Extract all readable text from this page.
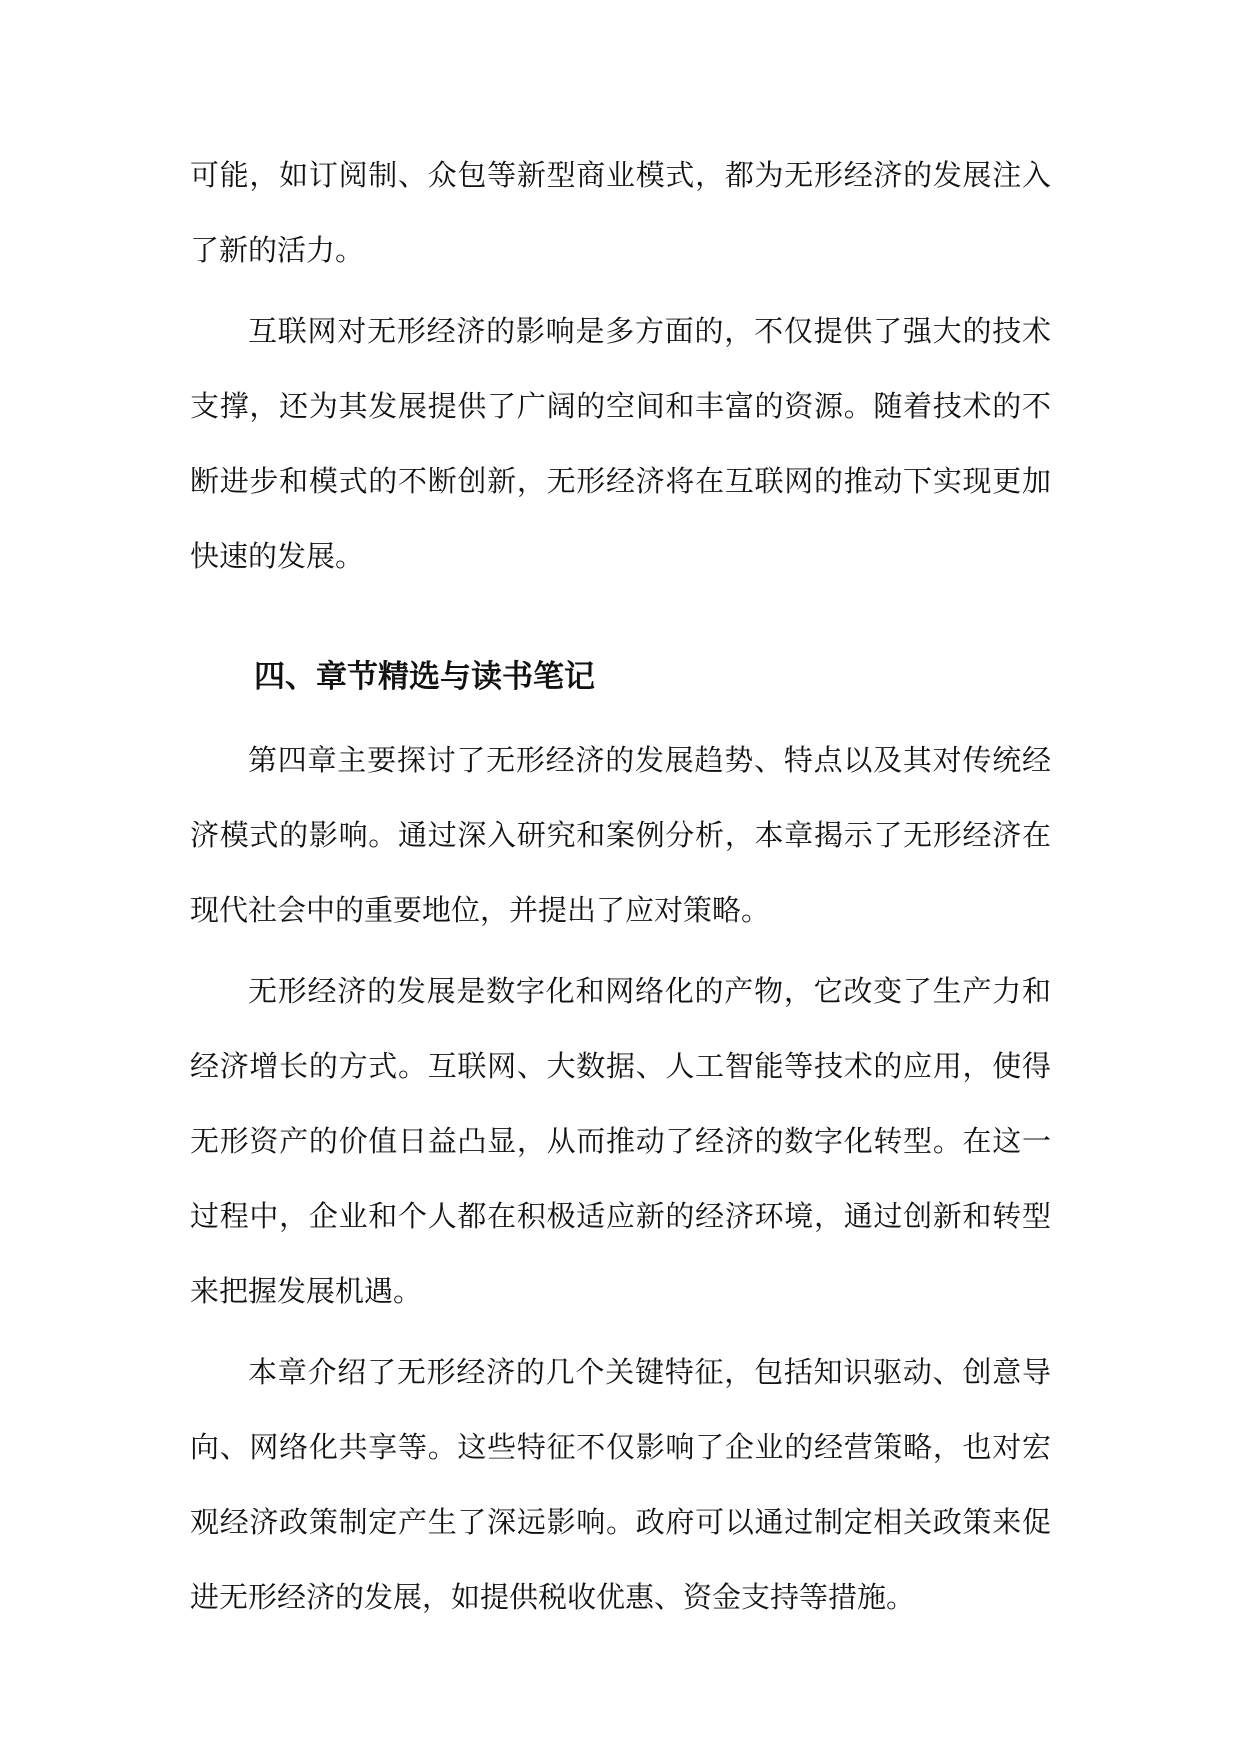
可能，如订阅制、众包等新型商业模式，都为无形经济的发展注入了新的活力。

互联网对无形经济的影响是多方面的，不仅提供了强大的技术支撑，还为其发展提供了广阔的空间和丰富的资源。随着技术的不断进步和模式的不断创新，无形经济将在互联网的推动下实现更加快速的发展。

四、章节精选与读书笔记

第四章主要探讨了无形经济的发展趋势、特点以及其对传统经济模式的影响。通过深入研究和案例分析，本章揭示了无形经济在现代社会中的重要地位，并提出了应对策略。

无形经济的发展是数字化和网络化的产物，它改变了生产力和经济增长的方式。互联网、大数据、人工智能等技术的应用，使得无形资产的价值日益凸显，从而推动了经济的数字化转型。在这一过程中，企业和个人都在积极适应新的经济环境，通过创新和转型来把握发展机遇。

本章介绍了无形经济的几个关键特征，包括知识驱动、创意导向、网络化共享等。这些特征不仅影响了企业的经营策略，也对宏观经济政策制定产生了深远影响。政府可以通过制定相关政策来促进无形经济的发展，如提供税收优惠、资金支持等措施。
